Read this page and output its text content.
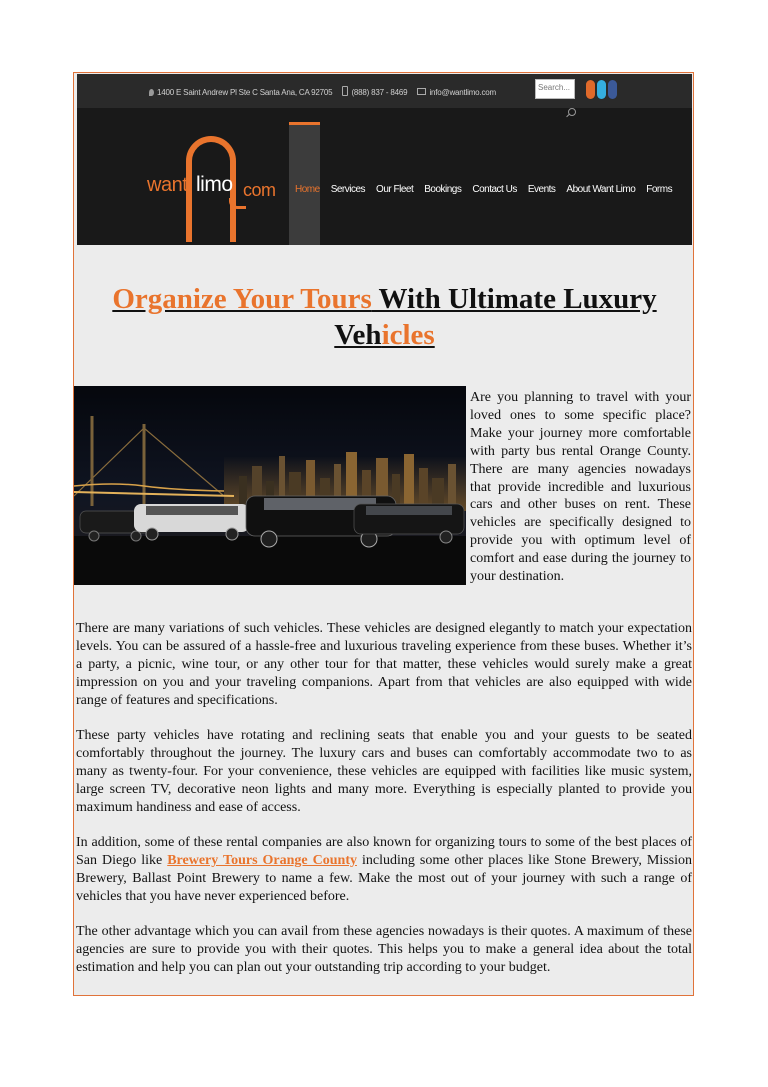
1400 E Saint Andrew Pl Ste C Santa Ana, CA 92705 (888) 837 - 8469	info@wantlimo.com
Search...
want limo com Home Services Our Fleet Bookings Contact Us Events About Want Limo Forms
Organize Your Tours With Ultimate Luxury
Vehicles
Are you planning to travel with your loved ones to some specific place? Make your journey more comfortable with party bus rental Orange County. There are many agencies nowadays that provide incredible and luxurious cars and other buses on rent. These vehicles are specifically designed to provide you with optimum level of comfort and ease during the journey to your destination.
There are many variations of such vehicles. These vehicles are designed elegantly to match your expectation levels. You can be assured of a hassle-free and luxurious traveling experience from these buses. Whether it’s a party, a picnic, wine tour, or any other tour for that matter, these vehicles would surely make a great impression on you and your traveling companions. Apart from that vehicles are also equipped with wide range of features and specifications.
These party vehicles have rotating and reclining seats that enable you and your guests to be seated comfortably throughout the journey. The luxury cars and buses can comfortably accommodate two to as many as twenty-four. For your convenience, these vehicles are equipped with facilities like music system, large screen TV, decorative neon lights and many more. Everything is especially planted to provide you maximum handiness and ease of access.
In addition, some of these rental companies are also known for organizing tours to some of the best places of San Diego like Brewery Tours Orange County including some other places like Stone Brewery, Mission Brewery, Ballast Point Brewery to name a few. Make the most out of your journey with such a range of vehicles that you have never experienced before.
The other advantage which you can avail from these agencies nowadays is their quotes. A maximum of these agencies are sure to provide you with their quotes. This helps you to make a general idea about the total estimation and help you can plan out your outstanding trip according to your budget.
